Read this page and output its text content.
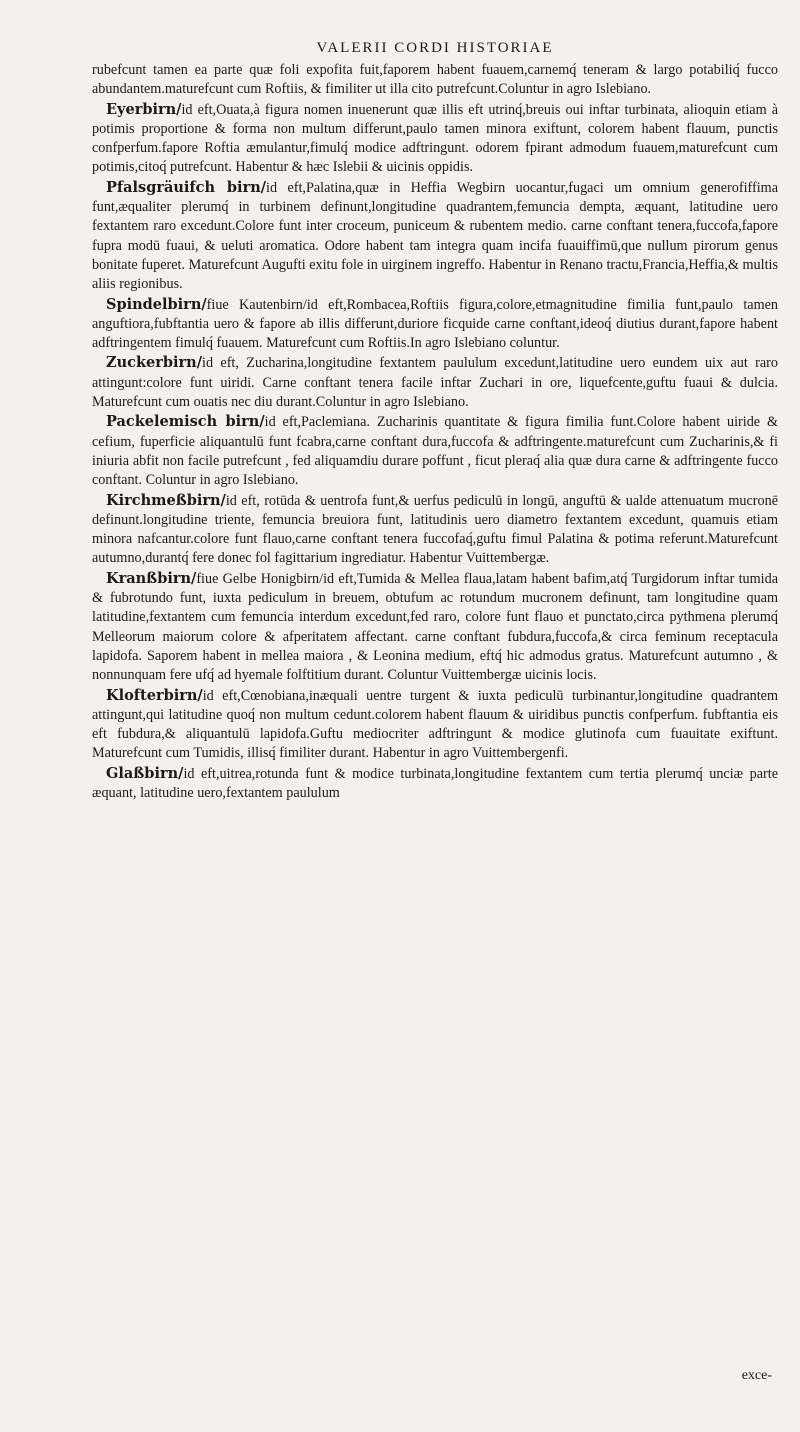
VALERII CORDI HISTORIAE

rubefcunt tamen ea parte quæ foli expofita fuit,faporem habent fuauem,carnemq́ teneram & largo potabiliq́ fucco abundantem.maturefcunt cum Roftiis, & fimiliter ut illa cito putrefcunt.Coluntur in agro Islebiano.

Eyerbirn/id eft,Ouata,à figura nomen inuenerunt quæ illis eft utrinq́,breuis oui inftar turbinata, alioquin etiam à potimis proportione & forma non multum differunt,paulo tamen minora exiftunt, colorem habent flauum, punctis confperfum.fapore Roftia æmulantur,fimulq́ modice adftringunt. odorem fpirant admodum fuauem,maturefcunt cum potimis,citoq́ putrefcunt. Habentur & hæc Islebii & uicinis oppidis.

Pfalsgräuifch birn/id eft,Palatina,quæ in Heffia Wegbirn uocantur,fugaci um omnium generofiffima funt,æqualiter plerumq́ in turbinem definunt,longitudine quadrantem,femuncia dempta, æquant, latitudine uero fextantem raro excedunt.Colore funt inter croceum, puniceum & rubentem medio. carne conftant tenera,fuccofa,fapore fupra modū fuaui, & ueluti aromatica. Odore habent tam integra quam incifa fuauiffimū,que nullum pirorum genus bonitate fuperet. Maturefcunt Augufti exitu fole in uirginem ingreffo. Habentur in Renano tractu,Francia,Heffia,& multis aliis regionibus.

Spindelbirn/fiue Kautenbirn/id eft,Rombacea,Roftiis figura,colore,etmagnitudine fimilia funt,paulo tamen anguftiora,fubftantia uero & fapore ab illis differunt,duriore ficquide carne conftant,ideoq́ diutius durant,fapore habent adftringentem fimulq́ fuauem. Maturefcunt cum Roftiis.In agro Islebiano coluntur.

Zuckerbirn/id eft, Zucharina,longitudine fextantem paululum excedunt,latitudine uero eundem uix aut raro attingunt:colore funt uiridi. Carne conftant tenera facile inftar Zuchari in ore, liquefcente,guftu fuaui & dulcia. Maturefcunt cum ouatis nec diu durant.Coluntur in agro Islebiano.

Packelemisch birn/id eft,Paclemiana. Zucharinis quantitate & figura fimilia funt.Colore habent uiride & cefium, fuperficie aliquantulū funt fcabra,carne conftant dura,fuccofa & adftringente.maturefcunt cum Zucharinis,& fi iniuria abfit non facile putrefcunt , fed aliquamdiu durare poffunt , ficut pleraq́ alia quæ dura carne & adftringente fucco conftant. Coluntur in agro Islebiano.

Kirchmeßbirn/id eft, rotūda & uentrofa funt,& uerfus pediculū in longū, anguftū & ualde attenuatum mucronē definunt.longitudine triente, femuncia breuiora funt, latitudinis uero diametro fextantem excedunt, quamuis etiam minora nafcantur.colore funt flauo,carne conftant tenera fuccofaq́,guftu fimul Palatina & potima referunt.Maturefcunt autumno,durantq́ fere donec fol fagittarium ingrediatur. Habentur Vuittembergæ.

Kranßbirn/fiue Gelbe Honigbirn/id eft,Tumida & Mellea flaua,latam habent bafim,atq́ Turgidorum inftar tumida & fubrotundo funt, iuxta pediculum in breuem, obtufum ac rotundum mucronem definunt, tam longitudine quam latitudine,fextantem cum femuncia interdum excedunt,fed raro, colore funt flauo et punctato,circa pythmena plerumq́ Melleorum maiorum colore & afperitatem affectant. carne conftant fubdura,fuccofa,& circa feminum receptacula lapidofa. Saporem habent in mellea maiora , & Leonina medium, eftq́ hic admodus gratus. Maturefcunt autumno , & nonnunquam fere ufq́ ad hyemale folftitium durant. Coluntur Vuittembergæ uicinis locis.

Klofterbirn/id eft,Cœnobiana,inæquali uentre turgent & iuxta pediculū turbinantur,longitudine quadrantem attingunt,qui latitudine quoq́ non multum cedunt.colorem habent flauum & uiridibus punctis confperfum. fubftantia eis eft fubdura,& aliquantulū lapidofa.Guftu mediocriter adftringunt & modice glutinofa cum fuauitate exiftunt. Maturefcunt cum Tumidis, illisq́ fimiliter durant. Habentur in agro Vuittembergenfi.

Glaßbirn/id eft,uitrea,rotunda funt & modice turbinata,longitudine fextantem cum tertia plerumq́ unciæ parte æquant, latitudine uero,fextantem paululum

exce-
